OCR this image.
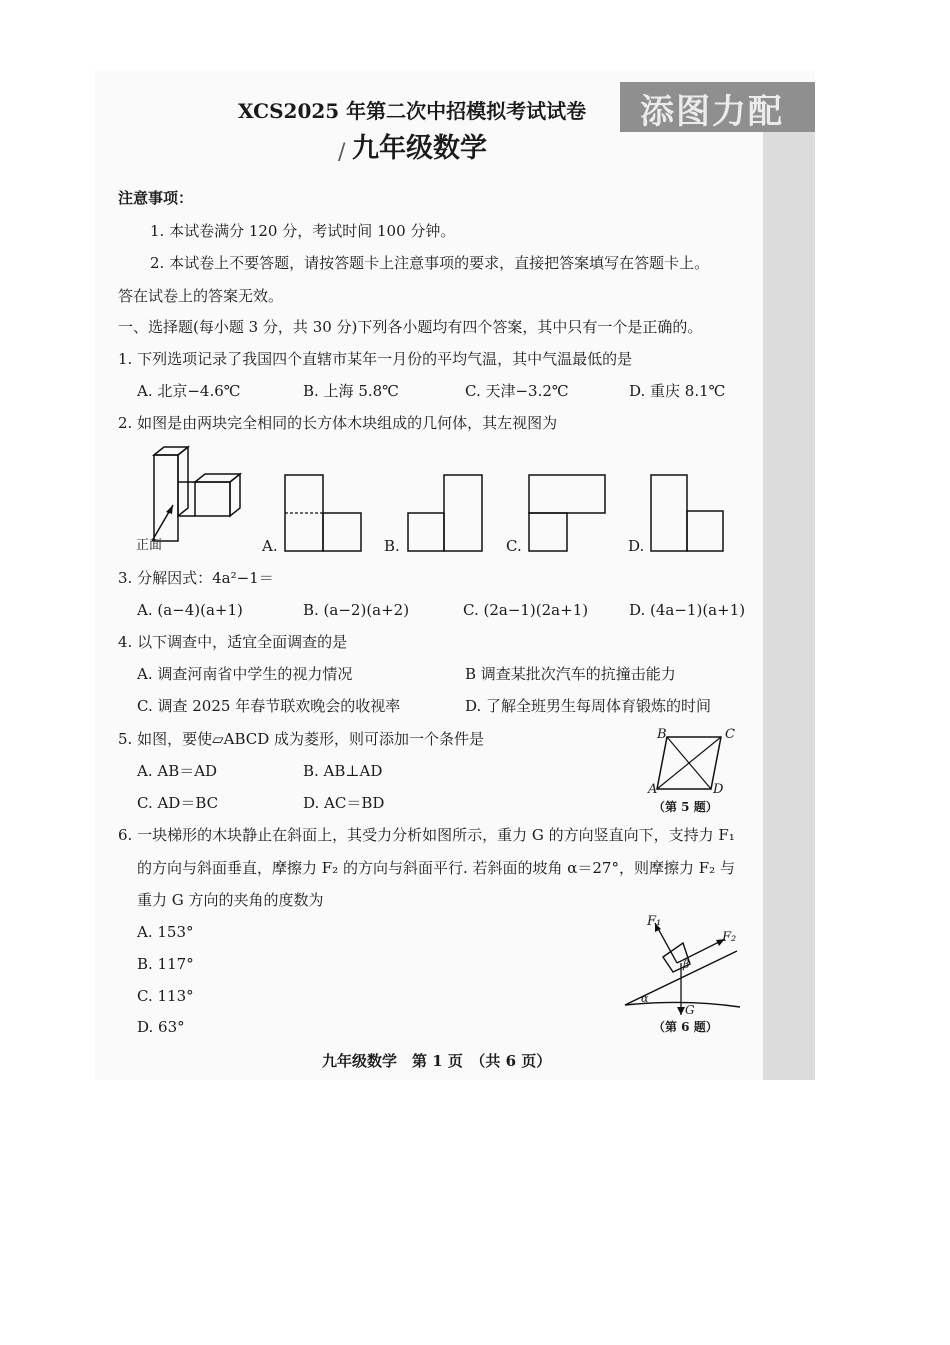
添图力配
XCS2025 年第二次中招模拟考试试卷
/ 九年级数学
注意事项：
1. 本试卷满分 120 分，考试时间 100 分钟。
2. 本试卷上不要答题，请按答题卡上注意事项的要求，直接把答案填写在答题卡上。
答在试卷上的答案无效。
一、选择题(每小题 3 分，共 30 分)下列各小题均有四个答案，其中只有一个是正确的。
1. 下列选项记录了我国四个直辖市某年一月份的平均气温，其中气温最低的是
A. 北京−4.6℃	B. 上海 5.8℃	C. 天津−3.2℃	D. 重庆 8.1℃
2. 如图是由两块完全相同的长方体木块组成的几何体，其左视图为
正面	A.	B.	C.	D.
3. 分解因式：4a²−1＝
A. (a−4)(a+1)	B. (a−2)(a+2)	C. (2a−1)(2a+1)	D. (4a−1)(a+1)
4. 以下调查中，适宜全面调查的是
A. 调查河南省中学生的视力情况	B 调查某批次汽车的抗撞击能力
C. 调查 2025 年春节联欢晚会的收视率	D. 了解全班男生每周体育锻炼的时间
5. 如图，要使▱ABCD 成为菱形，则可添加一个条件是
A. AB＝AD	B. AB⊥AD
C. AD＝BC	D. AC＝BD
B	C
A	D
（第 5 题）
6. 一块梯形的木块静止在斜面上，其受力分析如图所示，重力 G 的方向竖直向下，支持力 F₁
的方向与斜面垂直，摩擦力 F₂ 的方向与斜面平行. 若斜面的坡角 α＝27°，则摩擦力 F₂ 与
重力 G 方向的夹角的度数为
A. 153°
B. 117°
C. 113°
D. 63°
F₁
F₂
β
α
G
（第 6 题）
九年级数学　第 1 页　（共 6 页）
